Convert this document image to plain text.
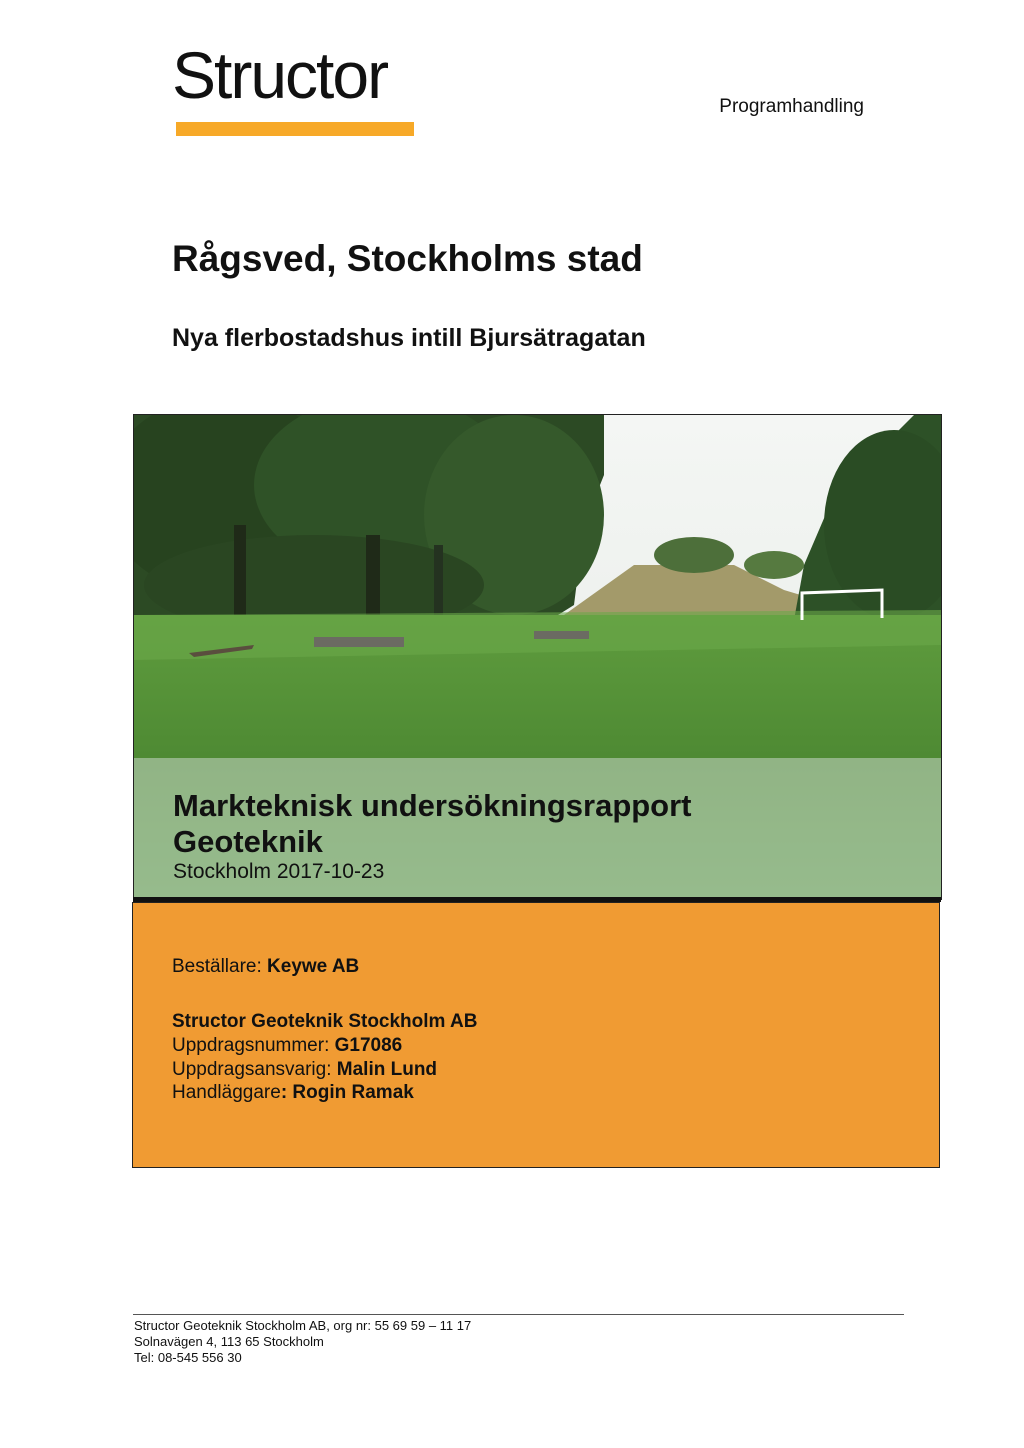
Structor	Programhandling
Rågsved, Stockholms stad
Nya flerbostadshus intill Bjursätragatan
Markteknisk undersökningsrapport
Geoteknik
Stockholm 2017-10-23
Beställare: Keywe AB
Structor Geoteknik Stockholm AB
Uppdragsnummer: G17086
Uppdragsansvarig: Malin Lund
Handläggare: Rogin Ramak
Structor Geoteknik Stockholm AB, org nr: 55 69 59 – 11 17
Solnavägen 4, 113 65 Stockholm
Tel: 08-545 556 30
